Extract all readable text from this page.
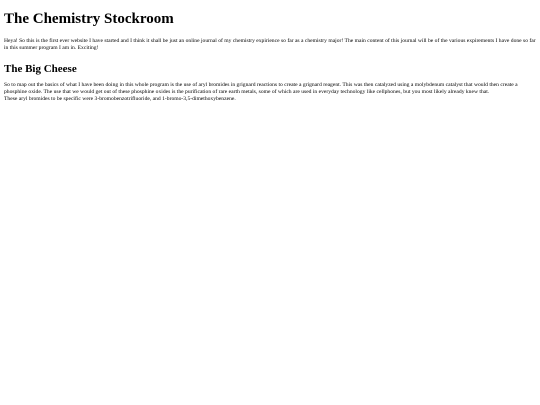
The Chemistry Stockroom

Heya! So this is the first ever website I have started and I think it shall be just an online journal of my chemistry expirience so far as a chemistry major! The main content of this journal will be of the various expirements I have done so far in this summer program I am in. Exciting!

The Big Cheese

So to map out the basics of what I have been doing in this whole program is the use of aryl bromides in grignard reactions to create a grignard reagent. This was then catalyzed using a molybdenum catalyst that would then create a phosphine oxide. The use that we would get out of these phosphine oxides is the purification of rare earth metals, some of which are used in everyday technology like cellphones, but you most likely already knew that.
These aryl bromides to be specific were 3-bromobenzotrifluoride, and 1-bromo-3,5-dimethoxybenzene.
